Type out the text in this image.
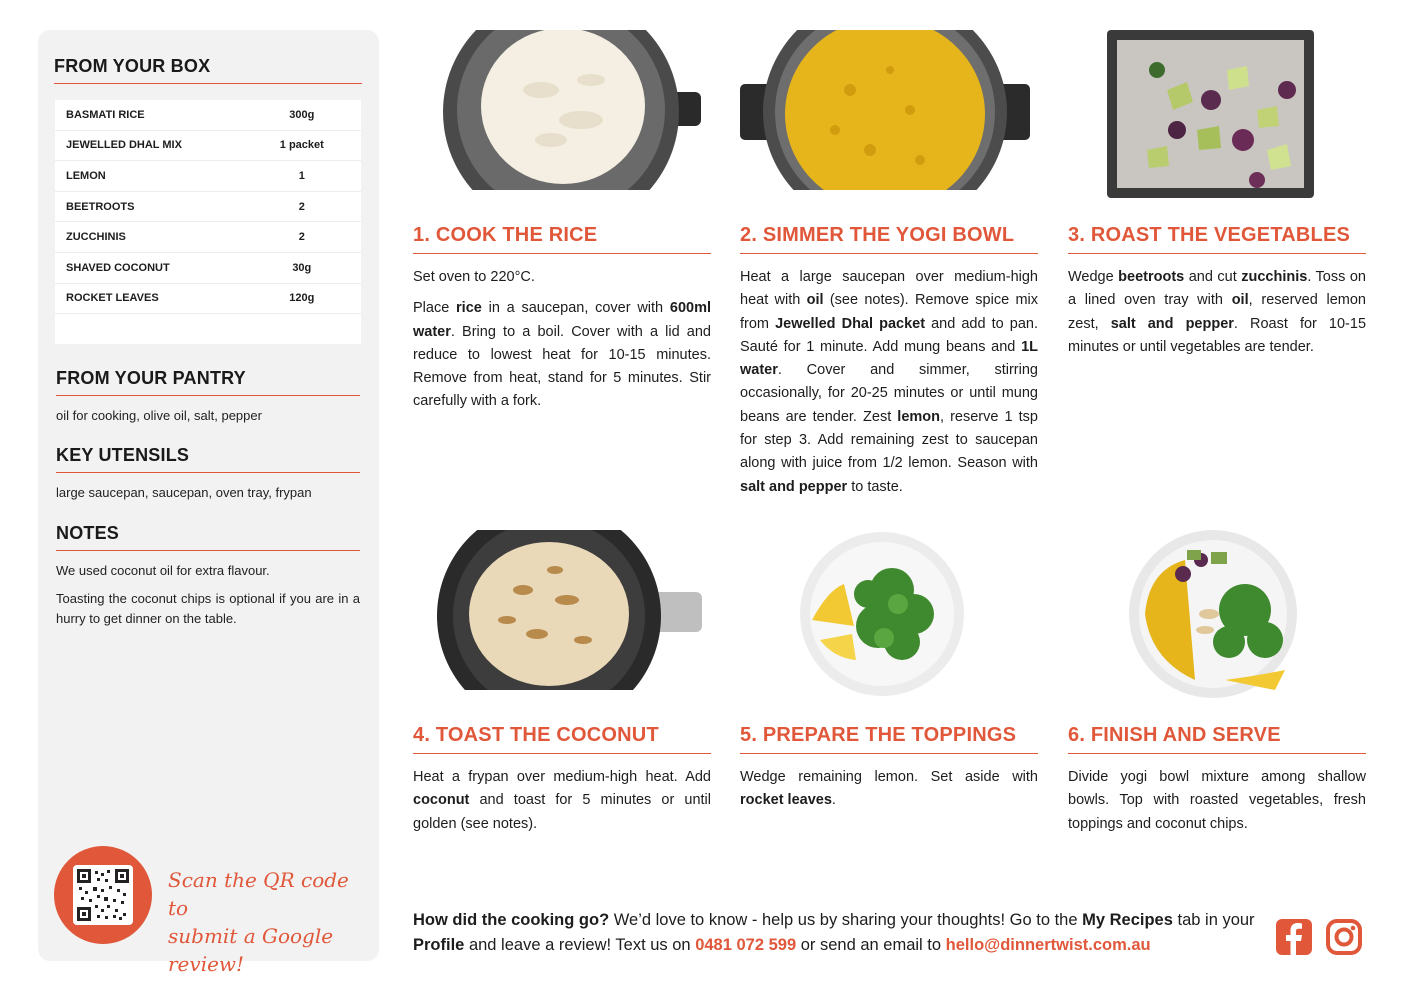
FROM YOUR BOX
BASMATI RICE	300g
JEWELLED DHAL MIX	1 packet
LEMON	1
BEETROOTS	2
ZUCCHINIS	2
SHAVED COCONUT	30g
ROCKET LEAVES	120g
FROM YOUR PANTRY
oil for cooking, olive oil, salt, pepper
KEY UTENSILS
large saucepan, saucepan, oven tray, frypan
NOTES
We used coconut oil for extra flavour.
Toasting the coconut chips is optional if you are in a hurry to get dinner on the table.
Scan the QR code to
submit a Google review!
1. COOK THE RICE

Set oven to 220°C.

Place rice in a saucepan, cover with 600ml water. Bring to a boil. Cover with a lid and reduce to lowest heat for 10-15 minutes. Remove from heat, stand for 5 minutes. Stir carefully with a fork.

2. SIMMER THE YOGI BOWL

Heat a large saucepan over medium-high heat with oil (see notes). Remove spice mix from Jewelled Dhal packet and add to pan. Sauté for 1 minute. Add mung beans and 1L water. Cover and simmer, stirring occasionally, for 20-25 minutes or until mung beans are tender. Zest lemon, reserve 1 tsp for step 3. Add remaining zest to saucepan along with juice from 1/2 lemon. Season with salt and pepper to taste.

3. ROAST THE VEGETABLES

Wedge beetroots and cut zucchinis. Toss on a lined oven tray with oil, reserved lemon zest, salt and pepper. Roast for 10-15 minutes or until vegetables are tender.

4. TOAST THE COCONUT

Heat a frypan over medium-high heat. Add coconut and toast for 5 minutes or until golden (see notes).

5. PREPARE THE TOPPINGS

Wedge remaining lemon. Set aside with rocket leaves.

6. FINISH AND SERVE

Divide yogi bowl mixture among shallow bowls. Top with roasted vegetables, fresh toppings and coconut chips.

How did the cooking go? We’d love to know - help us by sharing your thoughts! Go to the My Recipes tab in your Profile and leave a review! Text us on 0481 072 599 or send an email to hello@dinnertwist.com.au
